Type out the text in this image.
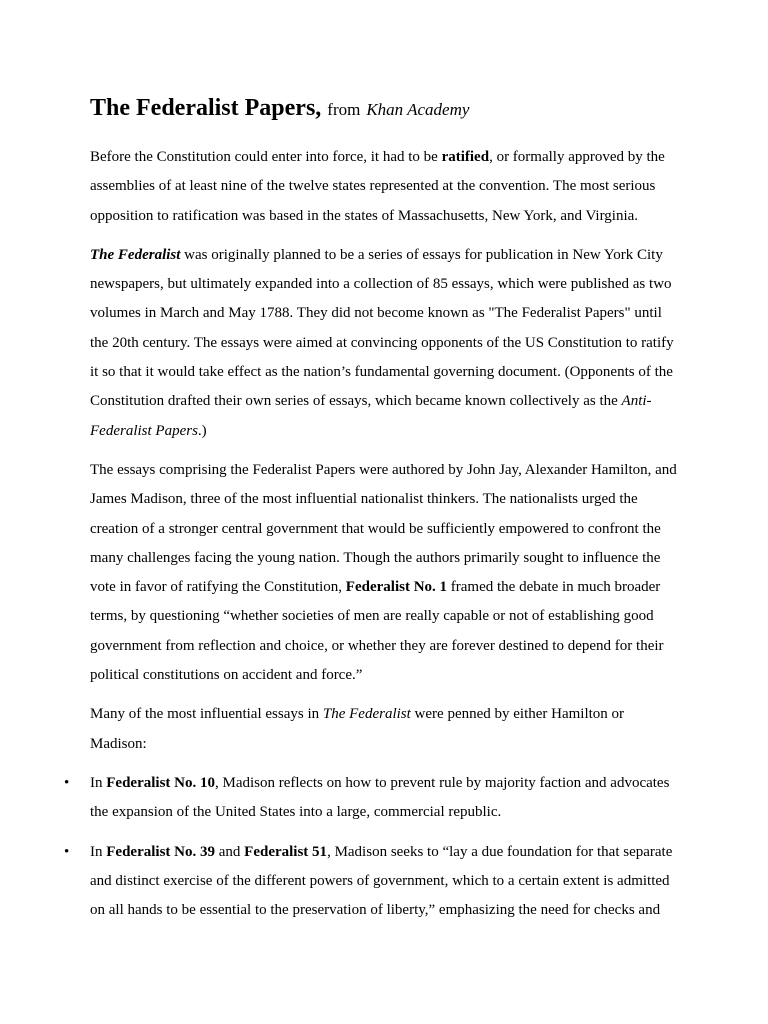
The Federalist Papers, from Khan Academy

Before the Constitution could enter into force, it had to be ratified, or formally approved by the assemblies of at least nine of the twelve states represented at the convention. The most serious opposition to ratification was based in the states of Massachusetts, New York, and Virginia.

The Federalist was originally planned to be a series of essays for publication in New York City newspapers, but ultimately expanded into a collection of 85 essays, which were published as two volumes in March and May 1788. They did not become known as "The Federalist Papers" until the 20th century. The essays were aimed at convincing opponents of the US Constitution to ratify it so that it would take effect as the nation’s fundamental governing document. (Opponents of the Constitution drafted their own series of essays, which became known collectively as the Anti-Federalist Papers.)

The essays comprising the Federalist Papers were authored by John Jay, Alexander Hamilton, and James Madison, three of the most influential nationalist thinkers. The nationalists urged the creation of a stronger central government that would be sufficiently empowered to confront the many challenges facing the young nation. Though the authors primarily sought to influence the vote in favor of ratifying the Constitution, Federalist No. 1 framed the debate in much broader terms, by questioning “whether societies of men are really capable or not of establishing good government from reflection and choice, or whether they are forever destined to depend for their political constitutions on accident and force.”

Many of the most influential essays in The Federalist were penned by either Hamilton or Madison:

• In Federalist No. 10, Madison reflects on how to prevent rule by majority faction and advocates the expansion of the United States into a large, commercial republic.
• In Federalist No. 39 and Federalist 51, Madison seeks to “lay a due foundation for that separate and distinct exercise of the different powers of government, which to a certain extent is admitted on all hands to be essential to the preservation of liberty,” emphasizing the need for checks and
